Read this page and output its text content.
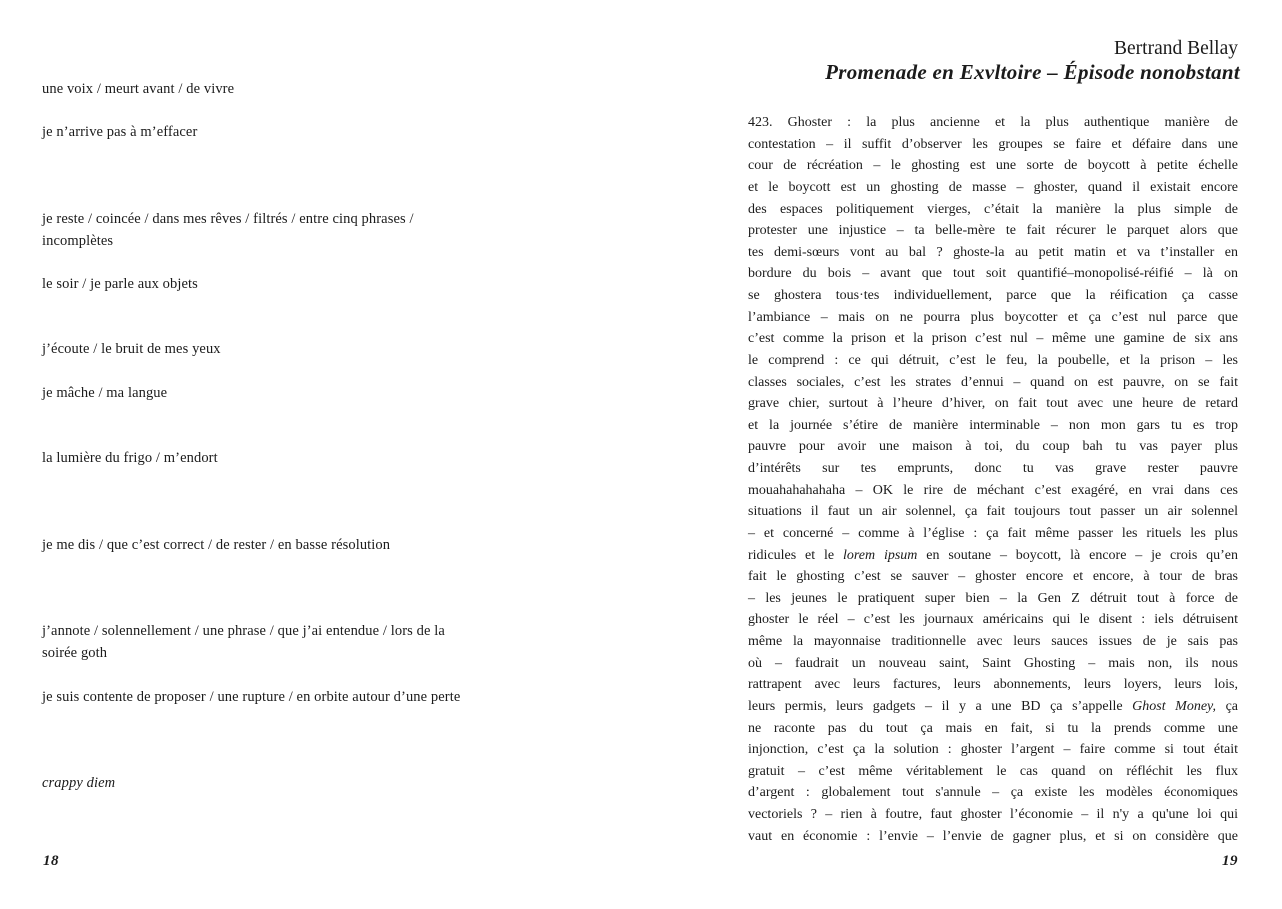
une voix / meurt avant / de vivre
je n’arrive pas à m’effacer
je reste / coincée / dans mes rêves / filtrés / entre cinq phrases /
incomplètes
le soir / je parle aux objets
j’écoute / le bruit de mes yeux
je mâche / ma langue
la lumière du frigo / m’endort
je me dis / que c’est correct / de rester / en basse résolution
j’annote / solennellement / une phrase / que j’ai entendue / lors de la
soirée goth
je suis contente de proposer / une rupture / en orbite autour d’une perte
crappy diem
18
Bertrand Bellay
Promenade en Exvltoire – Épisode nonobstant
423. Ghoster : la plus ancienne et la plus authentique manière de
contestation – il suffit d’observer les groupes se faire et défaire dans une
cour de récréation – le ghosting est une sorte de boycott à petite échelle
et le boycott est un ghosting de masse – ghoster, quand il existait encore
des espaces politiquement vierges, c’était la manière la plus simple de
protester une injustice – ta belle-mère te fait récurer le parquet alors que
tes demi-sœurs vont au bal ? ghoste-la au petit matin et va t’installer en
bordure du bois – avant que tout soit quantifié–monopolisé-réifié – là on
se ghostera tous·tes individuellement, parce que la réification ça casse
l’ambiance – mais on ne pourra plus boycotter et ça c’est nul parce que
c’est comme la prison et la prison c’est nul – même une gamine de six ans
le comprend : ce qui détruit, c’est le feu, la poubelle, et la prison – les
classes sociales, c’est les strates d’ennui – quand on est pauvre, on se fait
grave chier, surtout à l’heure d’hiver, on fait tout avec une heure de retard
et la journée s’étire de manière interminable – non mon gars tu es trop
pauvre pour avoir une maison à toi, du coup bah tu vas payer plus
d’intérêts sur tes emprunts, donc tu vas grave rester pauvre
mouahahahahaha – OK le rire de méchant c’est exagéré, en vrai dans ces
situations il faut un air solennel, ça fait toujours tout passer un air solennel
– et concerné – comme à l’église : ça fait même passer les rituels les plus
ridicules et le lorem ipsum en soutane – boycott, là encore – je crois qu’en
fait le ghosting c’est se sauver – ghoster encore et encore, à tour de bras
– les jeunes le pratiquent super bien – la Gen Z détruit tout à force de
ghoster le réel – c’est les journaux américains qui le disent : iels détruisent
même la mayonnaise traditionnelle avec leurs sauces issues de je sais pas
où – faudrait un nouveau saint, Saint Ghosting – mais non, ils nous
rattrapent avec leurs factures, leurs abonnements, leurs loyers, leurs lois,
leurs permis, leurs gadgets – il y a une BD ça s’appelle Ghost Money, ça
ne raconte pas du tout ça mais en fait, si tu la prends comme une
injonction, c’est ça la solution : ghoster l’argent – faire comme si tout était
gratuit – c’est même véritablement le cas quand on réfléchit les flux
d’argent : globalement tout s'annule – ça existe les modèles économiques
vectoriels ? – rien à foutre, faut ghoster l’économie – il n'y a qu'une loi qui
vaut en économie : l’envie – l’envie de gagner plus, et si on considère que
19
